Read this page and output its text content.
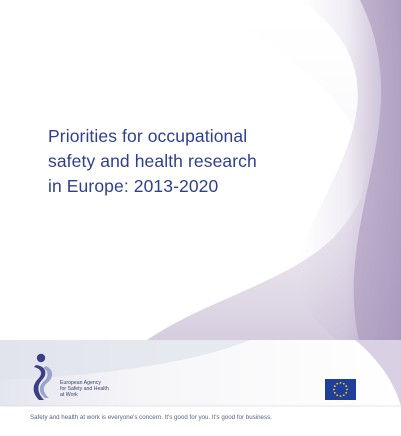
Priorities for occupational
safety and health research
in Europe: 2013-2020
European Agency
for Safety and Health
at Work
Safety and health at work is everyone's concern. It's good for you. It's good for business.
